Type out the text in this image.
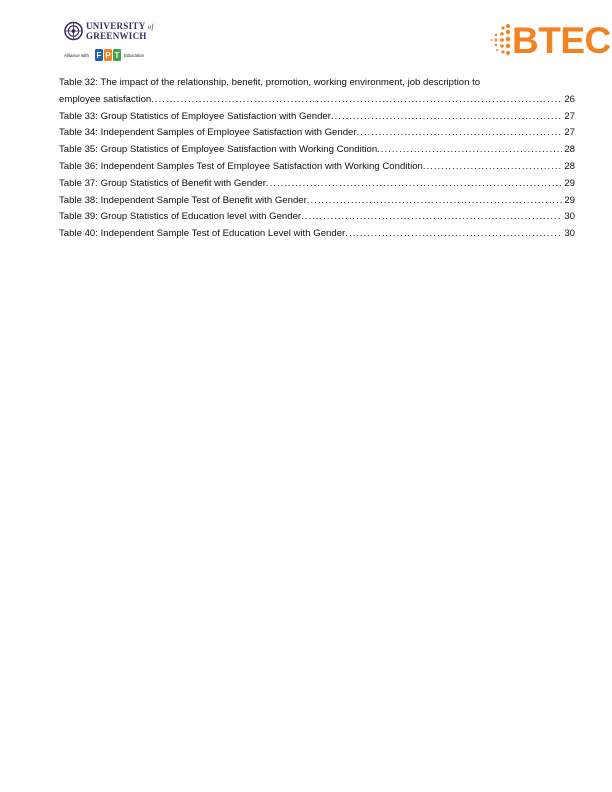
UNIVERSITY of
GREENWICH
Alliance with F P T Education	BTEC
Table 32: The impact of the relationship, benefit, promotion, working environment, job description to
employee satisfaction .....	26
Table 33: Group Statistics of Employee Satisfaction with Gender .....	27
Table 34: Independent Samples of Employee Satisfaction with Gender .....	27
Table 35: Group Statistics of Employee Satisfaction with Working Condition .....	28
Table 36: Independent Samples Test of Employee Satisfaction with Working Condition .....	28
Table 37: Group Statistics of Benefit with Gender .....	29
Table 38: Independent Sample Test of Benefit with Gender .....	29
Table 39: Group Statistics of Education level with Gender .....	30
Table 40: Independent Sample Test of Education Level with Gender .....	30
